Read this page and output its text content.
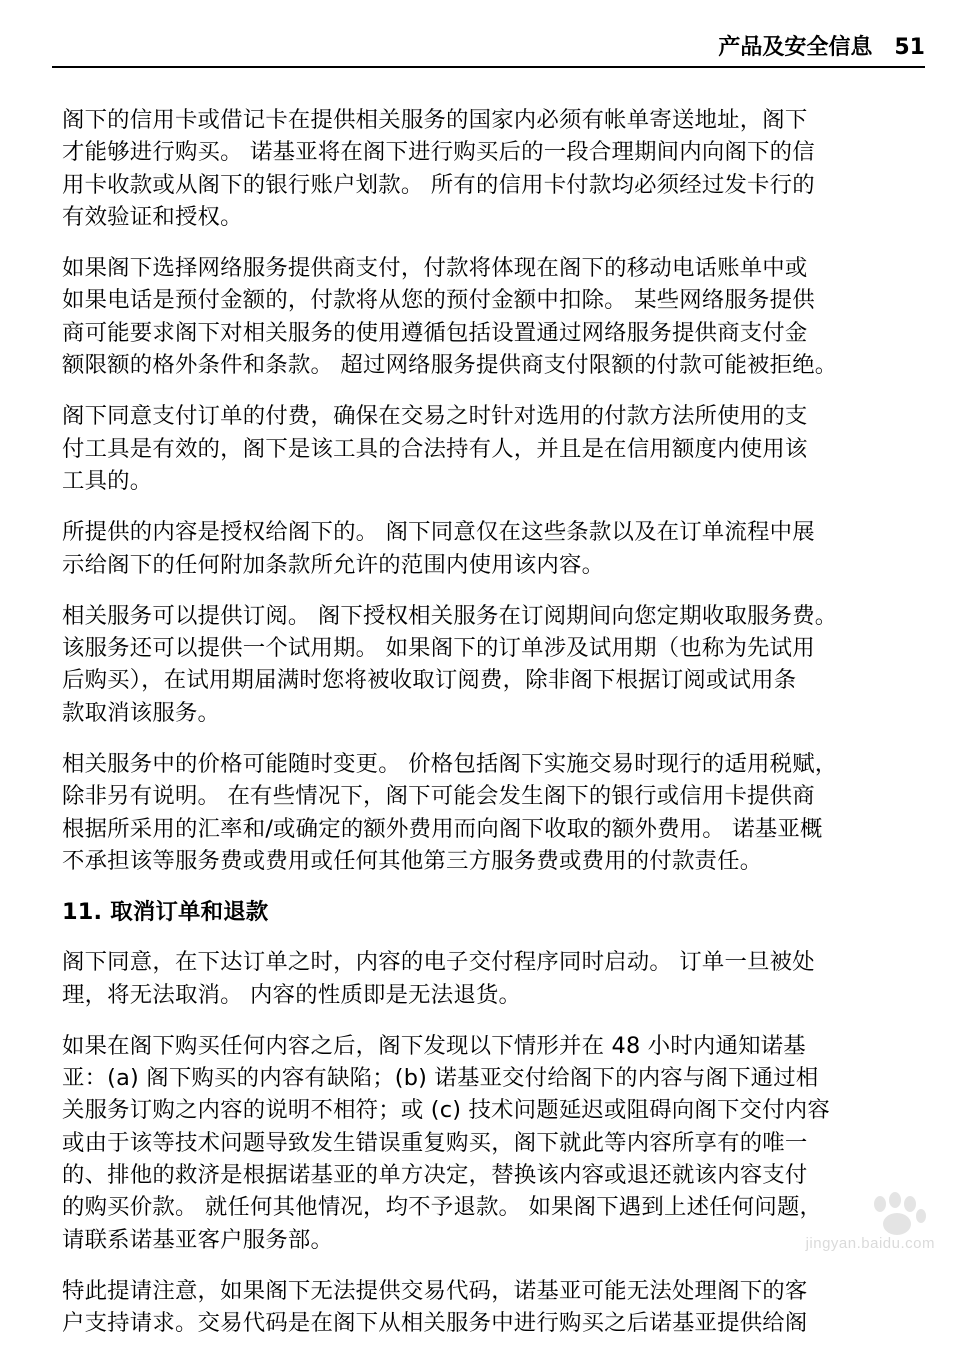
产品及安全信息 51

阁下的信用卡或借记卡在提供相关服务的国家内必须有帐单寄送地址，阁下
才能够进行购买。 诺基亚将在阁下进行购买后的一段合理期间内向阁下的信
用卡收款或从阁下的银行账户划款。 所有的信用卡付款均必须经过发卡行的
有效验证和授权。

如果阁下选择网络服务提供商支付，付款将体现在阁下的移动电话账单中或
如果电话是预付金额的，付款将从您的预付金额中扣除。 某些网络服务提供
商可能要求阁下对相关服务的使用遵循包括设置通过网络服务提供商支付金
额限额的格外条件和条款。 超过网络服务提供商支付限额的付款可能被拒绝。

阁下同意支付订单的付费，确保在交易之时针对选用的付款方法所使用的支
付工具是有效的，阁下是该工具的合法持有人，并且是在信用额度内使用该
工具的。

所提供的内容是授权给阁下的。 阁下同意仅在这些条款以及在订单流程中展
示给阁下的任何附加条款所允许的范围内使用该内容。

相关服务可以提供订阅。 阁下授权相关服务在订阅期间向您定期收取服务费。
该服务还可以提供一个试用期。 如果阁下的订单涉及试用期（也称为先试用
后购买），在试用期届满时您将被收取订阅费，除非阁下根据订阅或试用条
款取消该服务。

相关服务中的价格可能随时变更。 价格包括阁下实施交易时现行的适用税赋，
除非另有说明。 在有些情况下，阁下可能会发生阁下的银行或信用卡提供商
根据所采用的汇率和/或确定的额外费用而向阁下收取的额外费用。 诺基亚概
不承担该等服务费或费用或任何其他第三方服务费或费用的付款责任。

11. 取消订单和退款

阁下同意，在下达订单之时，内容的电子交付程序同时启动。 订单一旦被处
理，将无法取消。 内容的性质即是无法退货。

如果在阁下购买任何内容之后，阁下发现以下情形并在 48 小时内通知诺基
亚：(a) 阁下购买的内容有缺陷；(b) 诺基亚交付给阁下的内容与阁下通过相
关服务订购之内容的说明不相符；或 (c) 技术问题延迟或阻碍向阁下交付内容
或由于该等技术问题导致发生错误重复购买，阁下就此等内容所享有的唯一
的、排他的救济是根据诺基亚的单方决定，替换该内容或退还就该内容支付
的购买价款。 就任何其他情况，均不予退款。 如果阁下遇到上述任何问题，
请联系诺基亚客户服务部。

特此提请注意，如果阁下无法提供交易代码，诺基亚可能无法处理阁下的客
户支持请求。交易代码是在阁下从相关服务中进行购买之后诺基亚提供给阁

jingyan.baidu.com
